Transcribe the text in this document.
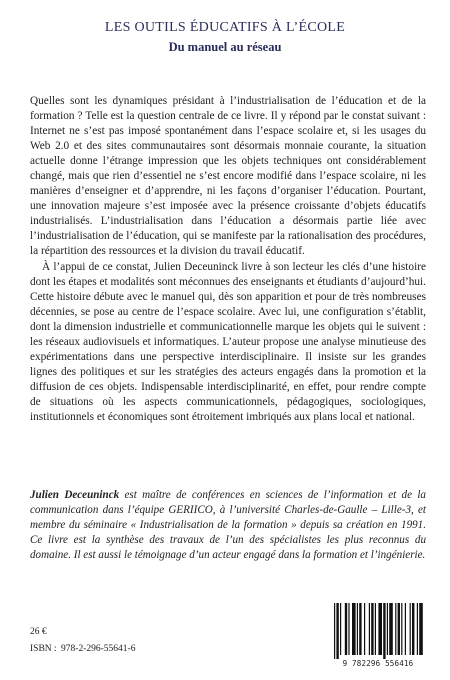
LES OUTILS ÉDUCATIFS À L’ÉCOLE
Du manuel au réseau

Quelles sont les dynamiques présidant à l’industrialisation de l’éducation et de la formation ? Telle est la question centrale de ce livre. Il y répond par le constat suivant : Internet ne s’est pas imposé spontanément dans l’espace scolaire et, si les usages du Web 2.0 et des sites communautaires sont désormais monnaie courante, la situation actuelle donne l’étrange impression que les objets techniques ont considérablement changé, mais que rien d’essentiel ne s’est encore modifié dans l’espace scolaire, ni les manières d’enseigner et d’apprendre, ni les façons d’organiser l’éducation. Pourtant, une innovation majeure s’est imposée avec la présence croissante d’objets éducatifs industrialisés. L’industrialisation dans l’éducation a désormais partie liée avec l’industrialisation de l’éducation, qui se manifeste par la rationalisation des procédures, la répartition des ressources et la division du travail éducatif.

À l’appui de ce constat, Julien Deceuninck livre à son lecteur les clés d’une histoire dont les étapes et modalités sont méconnues des enseignants et étudiants d’aujourd’hui. Cette histoire débute avec le manuel qui, dès son apparition et pour de très nombreuses décennies, se pose au centre de l’espace scolaire. Avec lui, une configuration s’établit, dont la dimension industrielle et communicationnelle marque les objets qui le suivent : les réseaux audiovisuels et informatiques. L’auteur propose une analyse minutieuse des expérimentations dans une perspective interdisciplinaire. Il insiste sur les grandes lignes des politiques et sur les stratégies des acteurs engagés dans la promotion et la diffusion de ces objets. Indispensable interdisciplinarité, en effet, pour rendre compte de situations où les aspects communicationnels, pédagogiques, sociologiques, institutionnels et économiques sont étroitement imbriqués aux plans local et national.

Julien Deceuninck est maître de conférences en sciences de l’information et de la communication dans l’équipe GERIICO, à l’université Charles-de-Gaulle – Lille-3, et membre du séminaire « Industrialisation de la formation » depuis sa création en 1991. Ce livre est la synthèse des travaux de l’un des spécialistes les plus reconnus du domaine. Il est aussi le témoignage d’un acteur engagé dans la formation et l’ingénierie.

26 €

ISBN : 978-2-296-55641-6

9 782296 556416
